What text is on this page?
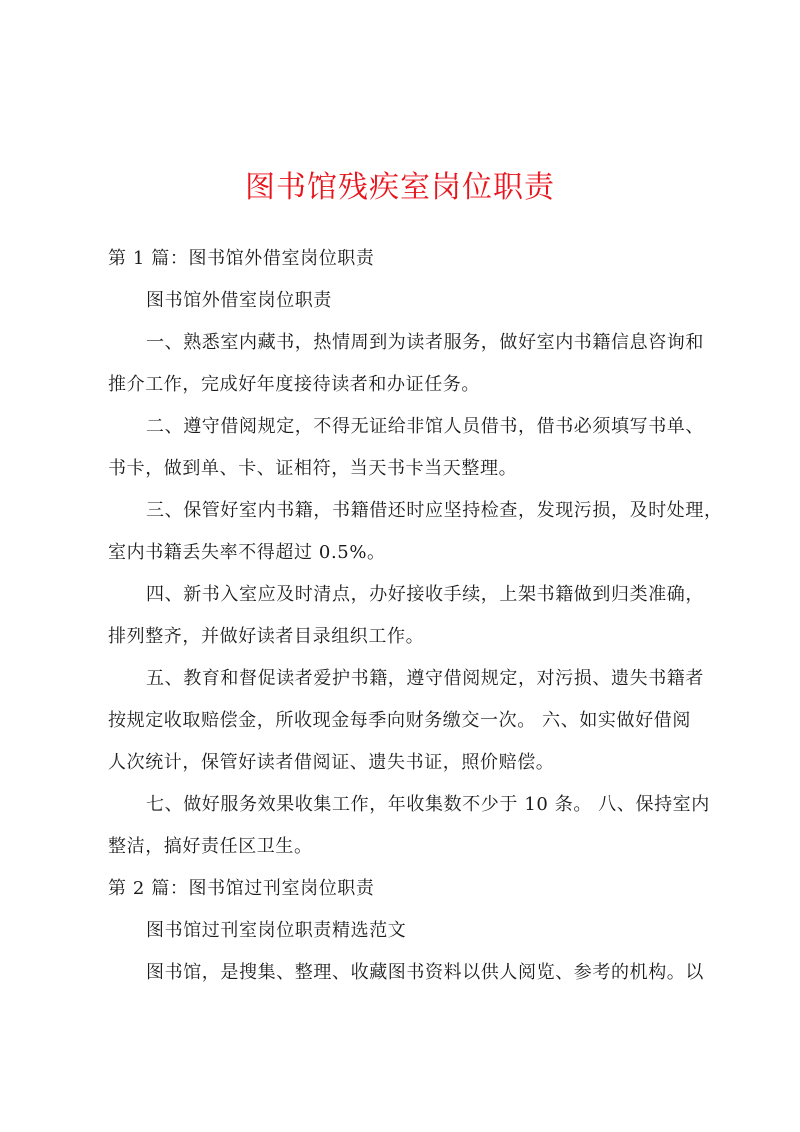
图书馆残疾室岗位职责
第 1 篇：图书馆外借室岗位职责
图书馆外借室岗位职责
一、熟悉室内藏书，热情周到为读者服务，做好室内书籍信息咨询和
推介工作，完成好年度接待读者和办证任务。
二、遵守借阅规定，不得无证给非馆人员借书，借书必须填写书单、
书卡，做到单、卡、证相符，当天书卡当天整理。
三、保管好室内书籍，书籍借还时应坚持检查，发现污损，及时处理，
室内书籍丢失率不得超过 0.5%。
四、新书入室应及时清点，办好接收手续，上架书籍做到归类准确，
排列整齐，并做好读者目录组织工作。
五、教育和督促读者爱护书籍，遵守借阅规定，对污损、遗失书籍者
按规定收取赔偿金，所收现金每季向财务缴交一次。 六、如实做好借阅
人次统计，保管好读者借阅证、遗失书证，照价赔偿。
七、做好服务效果收集工作，年收集数不少于 10 条。 八、保持室内
整洁，搞好责任区卫生。
第 2 篇：图书馆过刊室岗位职责
图书馆过刊室岗位职责精选范文
图书馆，是搜集、整理、收藏图书资料以供人阅览、参考的机构。以
